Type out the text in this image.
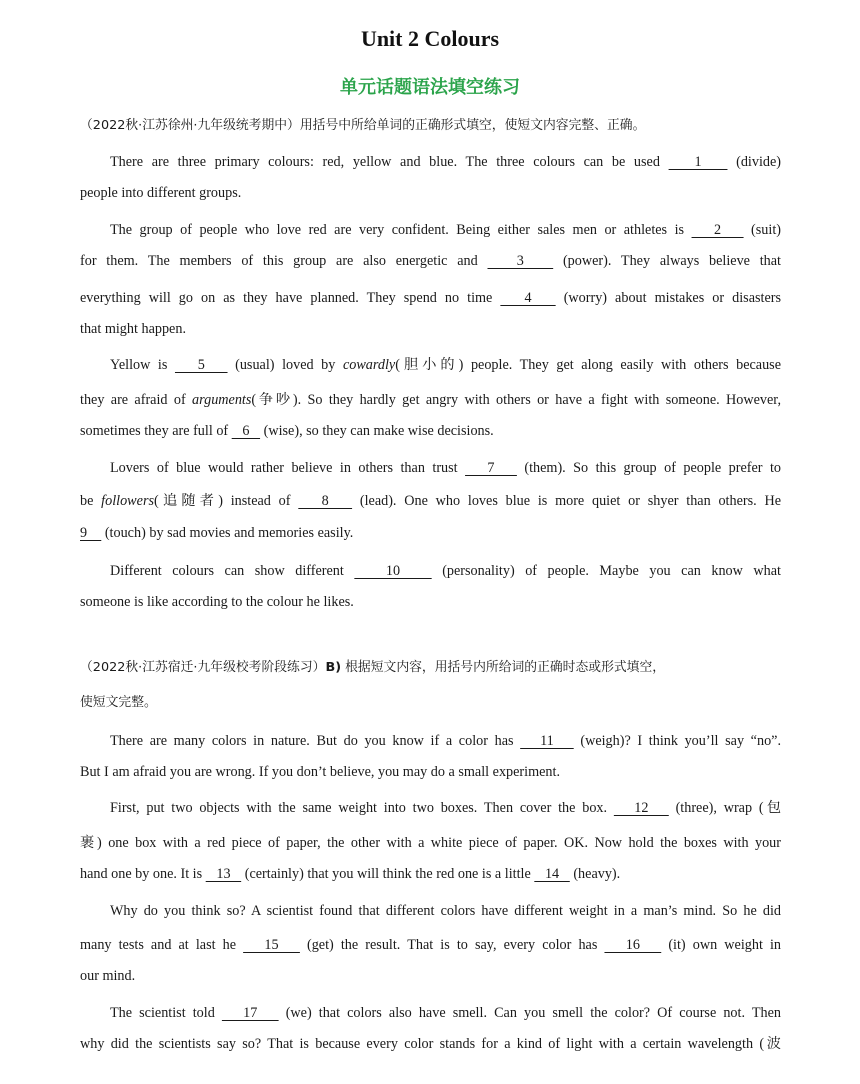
Unit 2 Colours
单元话题语法填空练习
（2022秋·江苏徐州·九年级统考期中）用括号中所给单词的正确形式填空，使短文内容完整、正确。
There are three primary colours: red, yellow and blue. The three colours can be used    1    (divide)
people into different groups.
The group of people who love red are very confident. Being either sales men or athletes is    2    (suit)
for them. The members of this group are also energetic and    3    (power). They always believe that
everything will go on as they have planned. They spend no time    4    (worry) about mistakes or disasters
that might happen.
Yellow is    5    (usual) loved by cowardly(胆小的) people. They get along easily with others because
they are afraid of arguments(争吵). So they hardly get angry with others or have a fight with someone. However,
sometimes they are full of    6    (wise), so they can make wise decisions.
Lovers of blue would rather believe in others than trust    7    (them). So this group of people prefer to
be followers(追随者) instead of    8    (lead). One who loves blue is more quiet or shyer than others. He
9     (touch) by sad movies and memories easily.
Different colours can show different    10    (personality) of people. Maybe you can know what
someone is like according to the colour he likes.
（2022秋·江苏宿迁·九年级校考阶段练习）B) 根据短文内容，用括号内所给词的正确时态或形式填空，
使短文完整。
There are many colors in nature. But do you know if a color has    11    (weigh)? I think you’ll say “no”.
But I am afraid you are wrong. If you don’t believe, you may do a small experiment.
First, put two objects with the same weight into two boxes. Then cover the box.    12    (three), wrap (包
裹) one box with a red piece of paper, the other with a white piece of paper. OK. Now hold the boxes with your
hand one by one. It is    13    (certainly) that you will think the red one is a little    14    (heavy).
Why do you think so? A scientist found that different colors have different weight in a man’s mind. So he did
many tests and at last he    15    (get) the result. That is to say, every color has    16    (it) own weight in
our mind.
The scientist told    17    (we) that colors also have smell. Can you smell the color? Of course not. Then
why did the scientists say so? That is because every color stands for a kind of light with a certain wavelength (波
